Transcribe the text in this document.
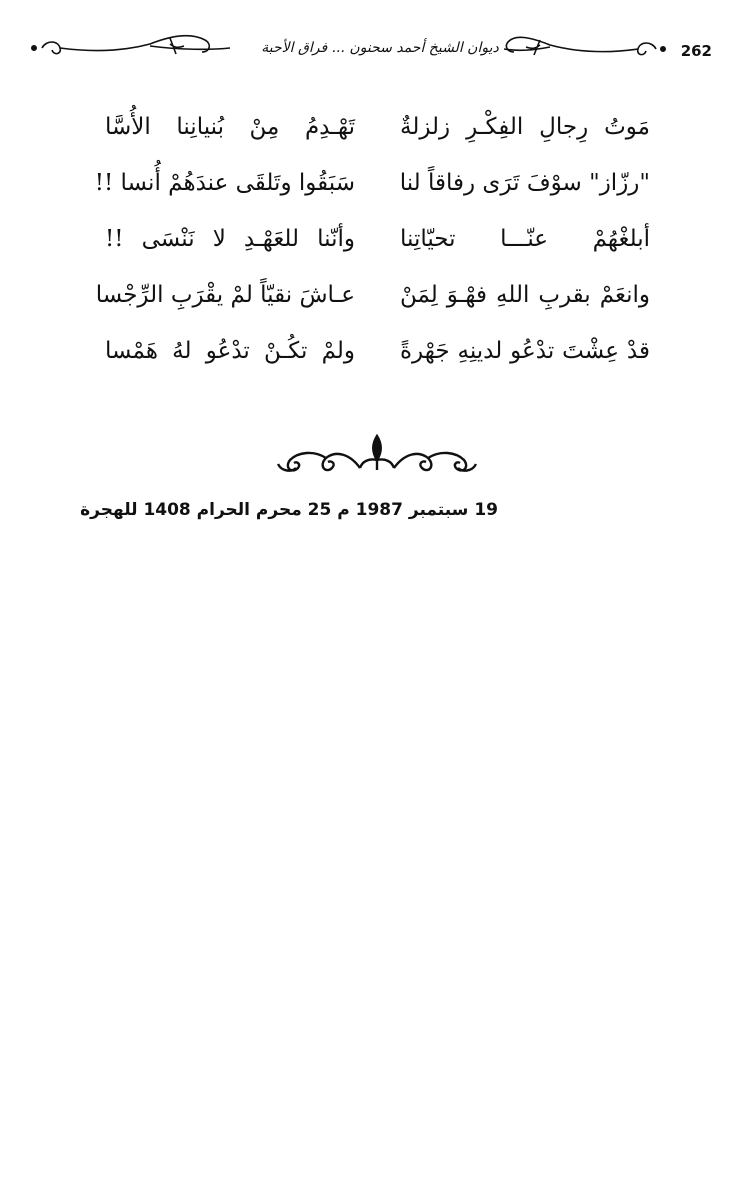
ديوان الشيخ أحمد سحنون ... فراق الأحبة	262
مَوتُ رِجالِ الفِكْـرِ زلزلةٌ
تَهْـدِمُ مِنْ بُنيانِنا الأُسَّا
"رزّاز" سوْفَ تَرَى رفاقاً لنا
سَبَقُوا وتَلقَى عندَهُمْ أُنسا !!
أبلغْهُمْ عنّـــا تحيّاتِنا
وأنّنا للعَهْـدِ لا نَنْسَى !!
وانعَمْ بقربِ اللهِ فهْـوَ لِمَنْ
عـاشَ نقيّاً لمْ يقْرَبِ الرِّجْسا
قدْ عِشْتَ تدْعُو لدينِهِ جَهْرةً
ولمْ تكُـنْ تدْعُو لهُ هَمْسا
19 سبتمبر 1987 م 25 محرم الحرام 1408 للهجرة
